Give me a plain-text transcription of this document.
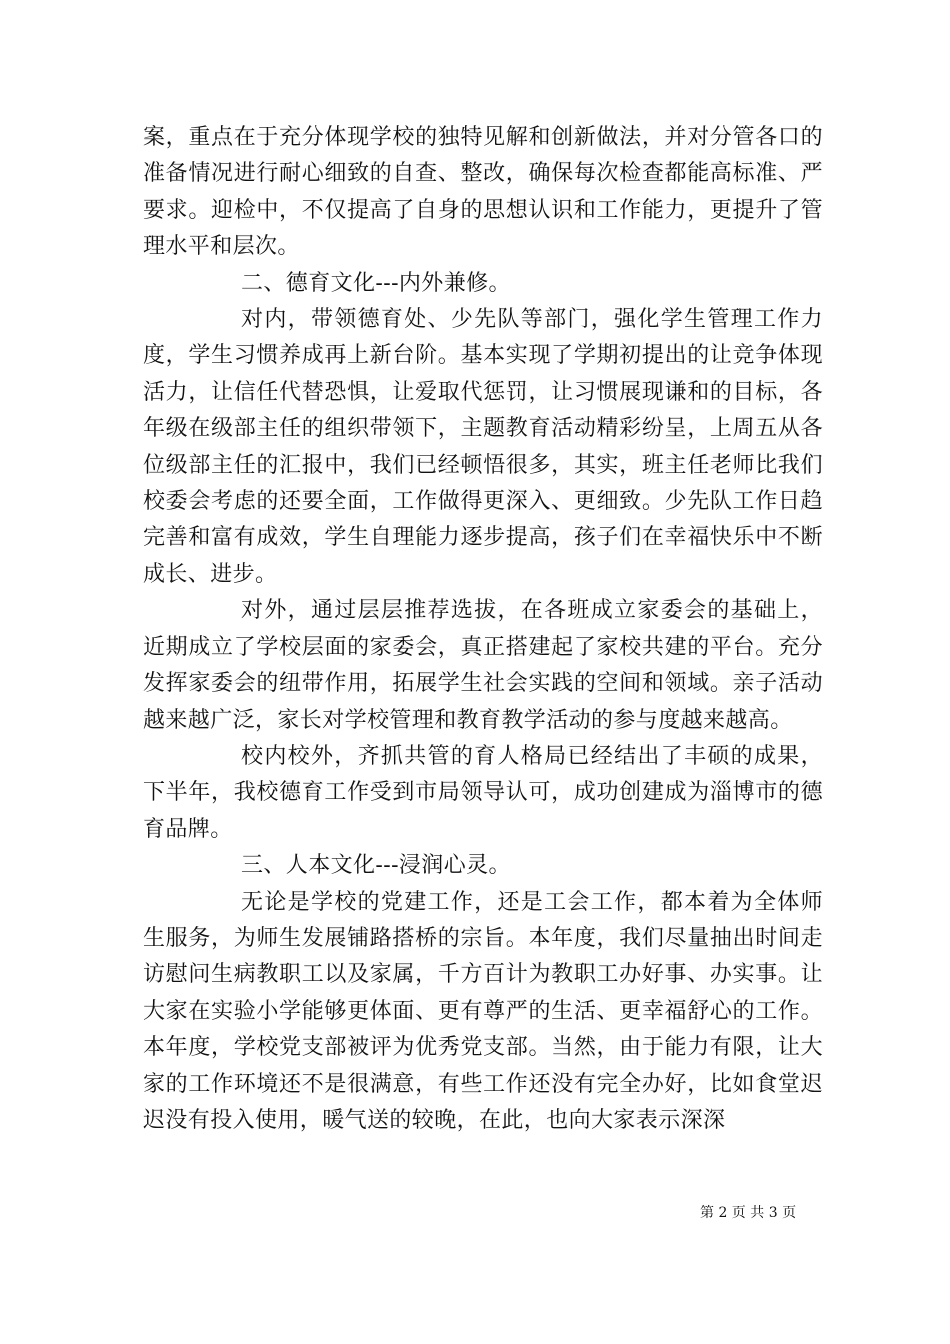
案，重点在于充分体现学校的独特见解和创新做法，并对分管各口的准备情况进行耐心细致的自查、整改，确保每次检查都能高标准、严要求。迎检中，不仅提高了自身的思想认识和工作能力，更提升了管理水平和层次。

二、德育文化---内外兼修。

对内，带领德育处、少先队等部门，强化学生管理工作力度，学生习惯养成再上新台阶。基本实现了学期初提出的让竞争体现活力，让信任代替恐惧，让爱取代惩罚，让习惯展现谦和的目标，各年级在级部主任的组织带领下，主题教育活动精彩纷呈，上周五从各位级部主任的汇报中，我们已经顿悟很多，其实，班主任老师比我们校委会考虑的还要全面，工作做得更深入、更细致。少先队工作日趋完善和富有成效，学生自理能力逐步提高，孩子们在幸福快乐中不断成长、进步。

对外，通过层层推荐选拔，在各班成立家委会的基础上，近期成立了学校层面的家委会，真正搭建起了家校共建的平台。充分发挥家委会的纽带作用，拓展学生社会实践的空间和领域。亲子活动越来越广泛，家长对学校管理和教育教学活动的参与度越来越高。

校内校外，齐抓共管的育人格局已经结出了丰硕的成果，下半年，我校德育工作受到市局领导认可，成功创建成为淄博市的德育品牌。

三、人本文化---浸润心灵。

无论是学校的党建工作，还是工会工作，都本着为全体师生服务，为师生发展铺路搭桥的宗旨。本年度，我们尽量抽出时间走访慰问生病教职工以及家属，千方百计为教职工办好事、办实事。让大家在实验小学能够更体面、更有尊严的生活、更幸福舒心的工作。本年度，学校党支部被评为优秀党支部。当然，由于能力有限，让大家的工作环境还不是很满意，有些工作还没有完全办好，比如食堂迟迟没有投入使用，暖气送的较晚，在此，也向大家表示深深

第 2 页 共 3 页
